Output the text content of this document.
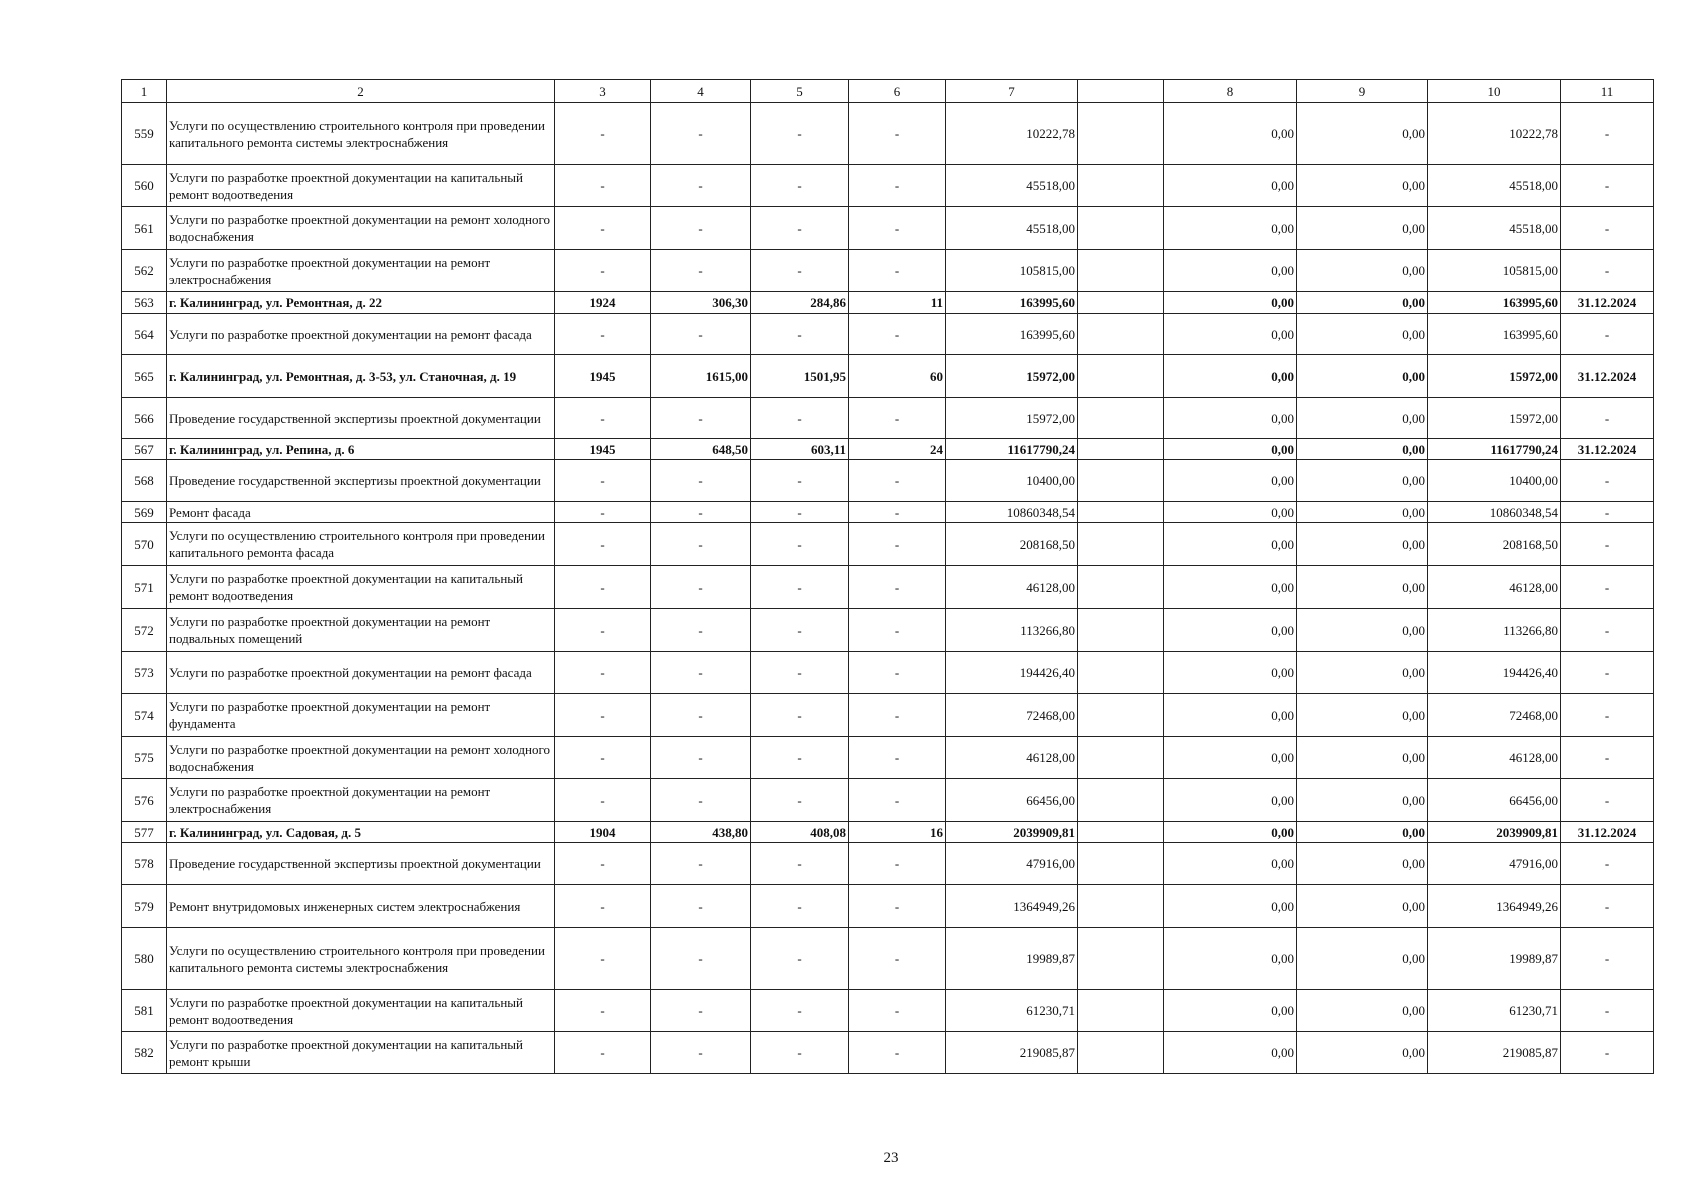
1	2	3	4	5	6	7		8	9	10	11
559	Услуги по осуществлению строительного контроля при проведении капитального ремонта системы электроснабжения	-	-	-	-	10222,78		0,00	0,00	10222,78	-
560	Услуги по разработке проектной документации на капитальный ремонт водоотведения	-	-	-	-	45518,00		0,00	0,00	45518,00	-
561	Услуги по разработке проектной документации на ремонт холодного водоснабжения	-	-	-	-	45518,00		0,00	0,00	45518,00	-
562	Услуги по разработке проектной документации на ремонт электроснабжения	-	-	-	-	105815,00		0,00	0,00	105815,00	-
563	г. Калининград, ул. Ремонтная, д. 22	1924	306,30	284,86	11	163995,60		0,00	0,00	163995,60	31.12.2024
564	Услуги по разработке проектной документации на ремонт фасада	-	-	-	-	163995,60		0,00	0,00	163995,60	-
565	г. Калининград, ул. Ремонтная, д. 3-53, ул. Станочная, д. 19	1945	1615,00	1501,95	60	15972,00		0,00	0,00	15972,00	31.12.2024
566	Проведение государственной экспертизы проектной документации	-	-	-	-	15972,00		0,00	0,00	15972,00	-
567	г. Калининград, ул. Репина, д. 6	1945	648,50	603,11	24	11617790,24		0,00	0,00	11617790,24	31.12.2024
568	Проведение государственной экспертизы проектной документации	-	-	-	-	10400,00		0,00	0,00	10400,00	-
569	Ремонт фасада	-	-	-	-	10860348,54		0,00	0,00	10860348,54	-
570	Услуги по осуществлению строительного контроля при проведении капитального ремонта фасада	-	-	-	-	208168,50		0,00	0,00	208168,50	-
571	Услуги по разработке проектной документации на капитальный ремонт водоотведения	-	-	-	-	46128,00		0,00	0,00	46128,00	-
572	Услуги по разработке проектной документации на ремонт подвальных помещений	-	-	-	-	113266,80		0,00	0,00	113266,80	-
573	Услуги по разработке проектной документации на ремонт фасада	-	-	-	-	194426,40		0,00	0,00	194426,40	-
574	Услуги по разработке проектной документации на ремонт фундамента	-	-	-	-	72468,00		0,00	0,00	72468,00	-
575	Услуги по разработке проектной документации на ремонт холодного водоснабжения	-	-	-	-	46128,00		0,00	0,00	46128,00	-
576	Услуги по разработке проектной документации на ремонт электроснабжения	-	-	-	-	66456,00		0,00	0,00	66456,00	-
577	г. Калининград, ул. Садовая, д. 5	1904	438,80	408,08	16	2039909,81		0,00	0,00	2039909,81	31.12.2024
578	Проведение государственной экспертизы проектной документации	-	-	-	-	47916,00		0,00	0,00	47916,00	-
579	Ремонт внутридомовых инженерных систем электроснабжения	-	-	-	-	1364949,26		0,00	0,00	1364949,26	-
580	Услуги по осуществлению строительного контроля при проведении капитального ремонта системы электроснабжения	-	-	-	-	19989,87		0,00	0,00	19989,87	-
581	Услуги по разработке проектной документации на капитальный ремонт водоотведения	-	-	-	-	61230,71		0,00	0,00	61230,71	-
582	Услуги по разработке проектной документации на капитальный ремонт крыши	-	-	-	-	219085,87		0,00	0,00	219085,87	-
23
